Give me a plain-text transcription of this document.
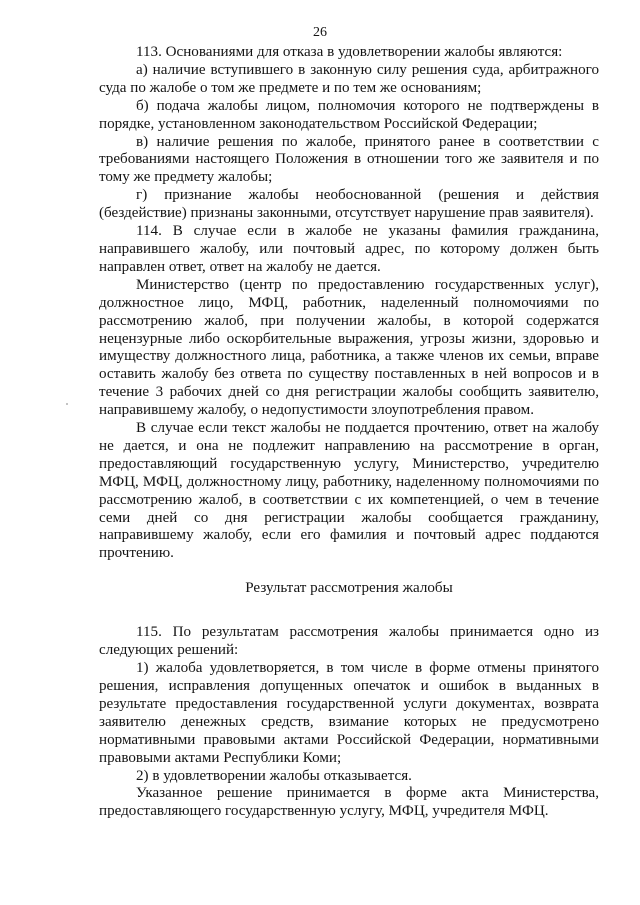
26

113. Основаниями для отказа в удовлетворении жалобы являются:

а) наличие вступившего в законную силу решения суда, арбитражного суда по жалобе о том же предмете и по тем же основаниям;

б) подача жалобы лицом, полномочия которого не подтверждены в порядке, установленном законодательством Российской Федерации;

в) наличие решения по жалобе, принятого ранее в соответствии с требованиями настоящего Положения в отношении того же заявителя и по тому же предмету жалобы;

г) признание жалобы необоснованной (решения и действия (бездействие) признаны законными, отсутствует нарушение прав заявителя).

114. В случае если в жалобе не указаны фамилия гражданина, направившего жалобу, или почтовый адрес, по которому должен быть направлен ответ, ответ на жалобу не дается.

Министерство (центр по предоставлению государственных услуг), должностное лицо, МФЦ, работник, наделенный полномочиями по рассмотрению жалоб, при получении жалобы, в которой содержатся нецензурные либо оскорбительные выражения, угрозы жизни, здоровью и имуществу должностного лица, работника, а также членов их семьи, вправе оставить жалобу без ответа по существу поставленных в ней вопросов и в течение 3 рабочих дней со дня регистрации жалобы сообщить заявителю, направившему жалобу, о недопустимости злоупотребления правом.

В случае если текст жалобы не поддается прочтению, ответ на жалобу не дается, и она не подлежит направлению на рассмотрение в орган, предоставляющий государственную услугу, Министерство, учредителю МФЦ, МФЦ, должностному лицу, работнику, наделенному полномочиями по рассмотрению жалоб, в соответствии с их компетенцией, о чем в течение семи дней со дня регистрации жалобы сообщается гражданину, направившему жалобу, если его фамилия и почтовый адрес поддаются прочтению.

Результат рассмотрения жалобы

115. По результатам рассмотрения жалобы принимается одно из следующих решений:

1) жалоба удовлетворяется, в том числе в форме отмены принятого решения, исправления допущенных опечаток и ошибок в выданных в результате предоставления государственной услуги документах, возврата заявителю денежных средств, взимание которых не предусмотрено нормативными правовыми актами Российской Федерации, нормативными правовыми актами Республики Коми;

2) в удовлетворении жалобы отказывается.

Указанное решение принимается в форме акта Министерства, предоставляющего государственную услугу, МФЦ, учредителя МФЦ.
